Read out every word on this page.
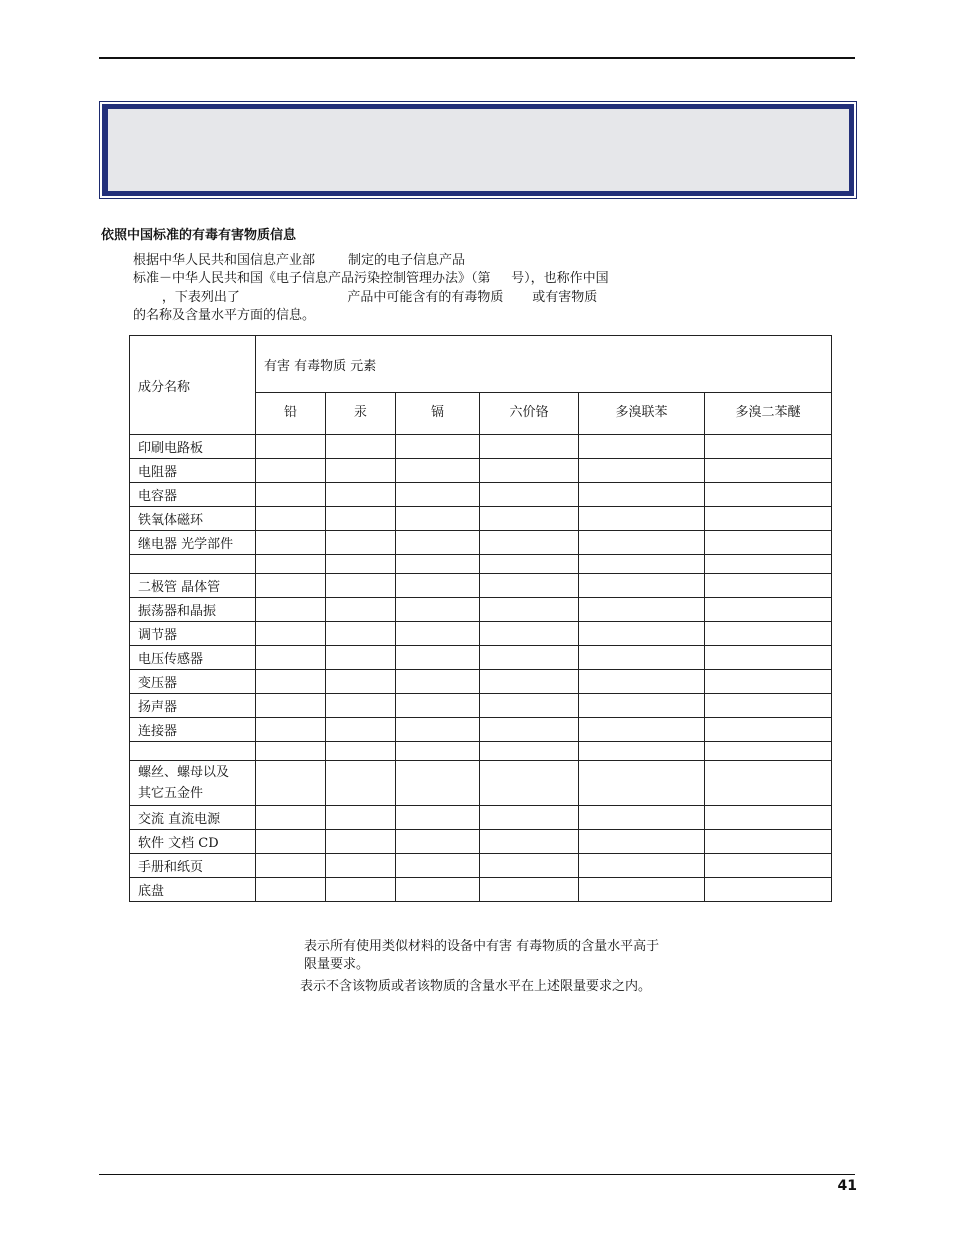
依照中国标准的有毒有害物质信息
根据中华人民共和国信息产业部        制定的电子信息产品
标准－中华人民共和国《电子信息产品污染控制管理办法》（第     号），也称作中国
，下表列出了                          产品中可能含有的有毒物质       或有害物质
的名称及含量水平方面的信息。
成分名称	有害 有毒物质 元素					
	铅	汞	镉	六价铬	多溴联苯	多溴二苯醚
印刷电路板						
电阻器						
电容器						
铁氧体磁环						
继电器 光学部件						

二极管 晶体管						
振荡器和晶振						
调节器						
电压传感器						
变压器						
扬声器						
连接器						

螺丝、螺母以及
其它五金件						
交流 直流电源						
软件 文档 CD						
手册和纸页						
底盘						
表示所有使用类似材料的设备中有害 有毒物质的含量水平高于
限量要求。
表示不含该物质或者该物质的含量水平在上述限量要求之内。
41
